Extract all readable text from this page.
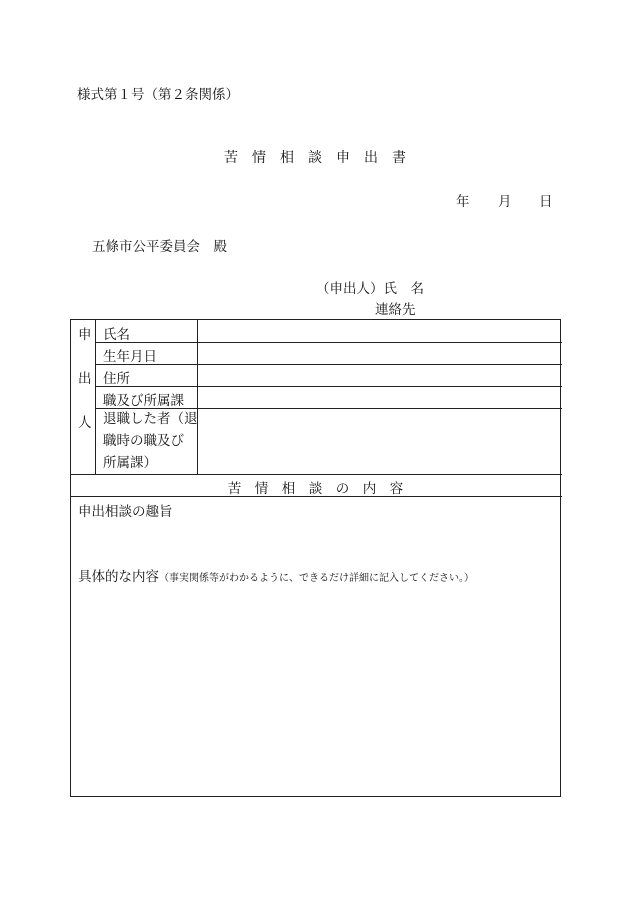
様式第１号（第２条関係）
苦　情　相　談　申　出　書
年 月 日
五條市公平委員会　殿
（申出人）氏　名
連絡先
申
出
人
氏名
生年月日
住所
職及び所属課
退職した者（退
職時の職及び
所属課）
苦　情　相　談　の　内　容
申出相談の趣旨
具体的な内容（事実関係等がわかるように、できるだけ詳細に記入してください。）
